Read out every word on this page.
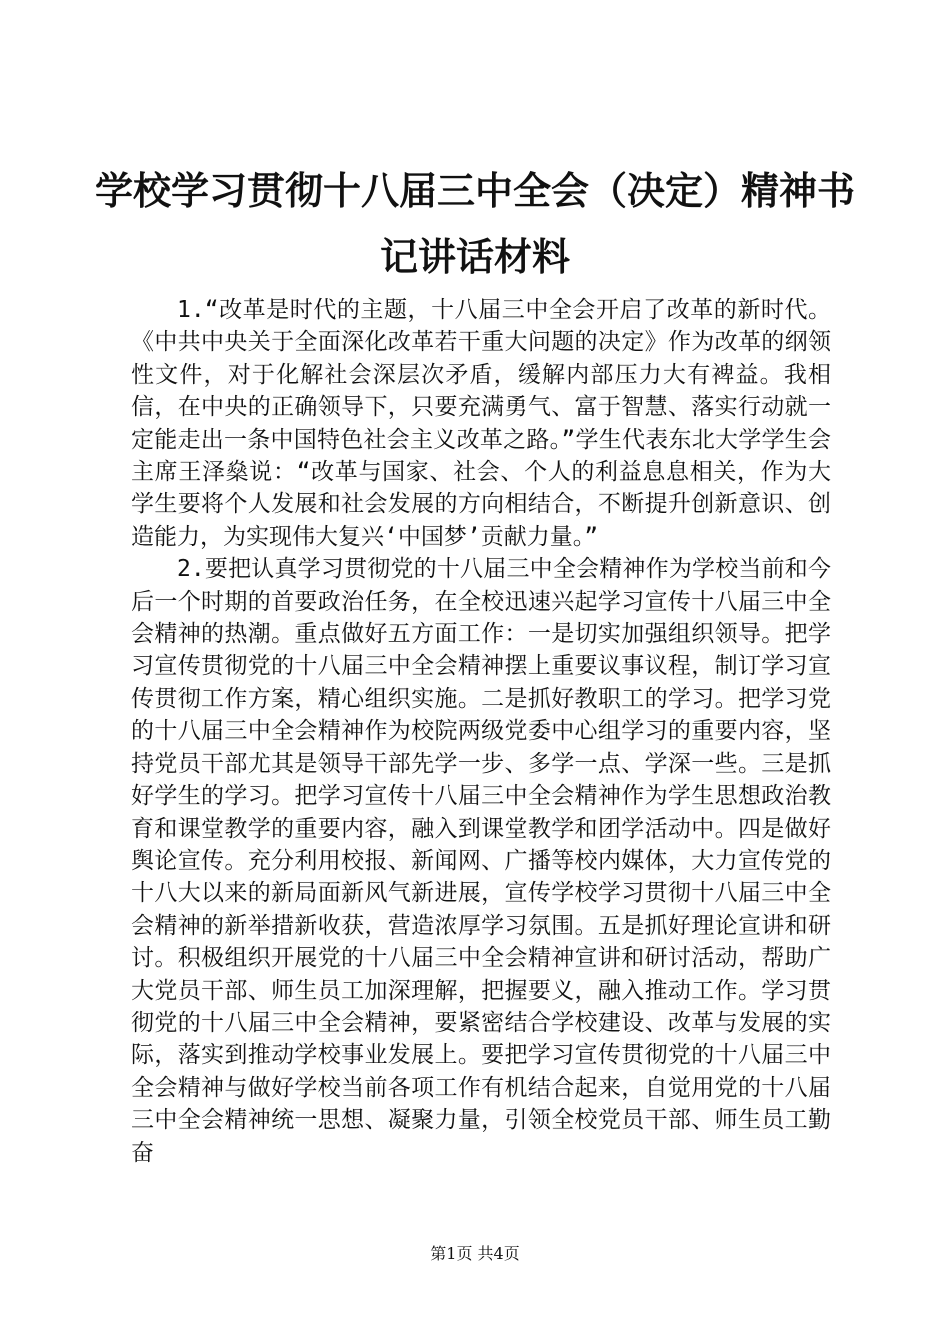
学校学习贯彻十八届三中全会（决定）精神书
记讲话材料

1.“改革是时代的主题，十八届三中全会开启了改革的新时代。《中共中央关于全面深化改革若干重大问题的决定》作为改革的纲领性文件，对于化解社会深层次矛盾，缓解内部压力大有裨益。我相信，在中央的正确领导下，只要充满勇气、富于智慧、落实行动就一定能走出一条中国特色社会主义改革之路。”学生代表东北大学学生会主席王泽燊说：“改革与国家、社会、个人的利益息息相关，作为大学生要将个人发展和社会发展的方向相结合，不断提升创新意识、创造能力，为实现伟大复兴‘中国梦’贡献力量。”

2.要把认真学习贯彻党的十八届三中全会精神作为学校当前和今后一个时期的首要政治任务，在全校迅速兴起学习宣传十八届三中全会精神的热潮。重点做好五方面工作：一是切实加强组织领导。把学习宣传贯彻党的十八届三中全会精神摆上重要议事议程，制订学习宣传贯彻工作方案，精心组织实施。二是抓好教职工的学习。把学习党的十八届三中全会精神作为校院两级党委中心组学习的重要内容，坚持党员干部尤其是领导干部先学一步、多学一点、学深一些。三是抓好学生的学习。把学习宣传十八届三中全会精神作为学生思想政治教育和课堂教学的重要内容，融入到课堂教学和团学活动中。四是做好舆论宣传。充分利用校报、新闻网、广播等校内媒体，大力宣传党的十八大以来的新局面新风气新进展，宣传学校学习贯彻十八届三中全会精神的新举措新收获，营造浓厚学习氛围。五是抓好理论宣讲和研讨。积极组织开展党的十八届三中全会精神宣讲和研讨活动，帮助广大党员干部、师生员工加深理解，把握要义，融入推动工作。学习贯彻党的十八届三中全会精神，要紧密结合学校建设、改革与发展的实际，落实到推动学校事业发展上。要把学习宣传贯彻党的十八届三中全会精神与做好学校当前各项工作有机结合起来，自觉用党的十八届三中全会精神统一思想、凝聚力量，引领全校党员干部、师生员工勤奋

第1页 共4页
